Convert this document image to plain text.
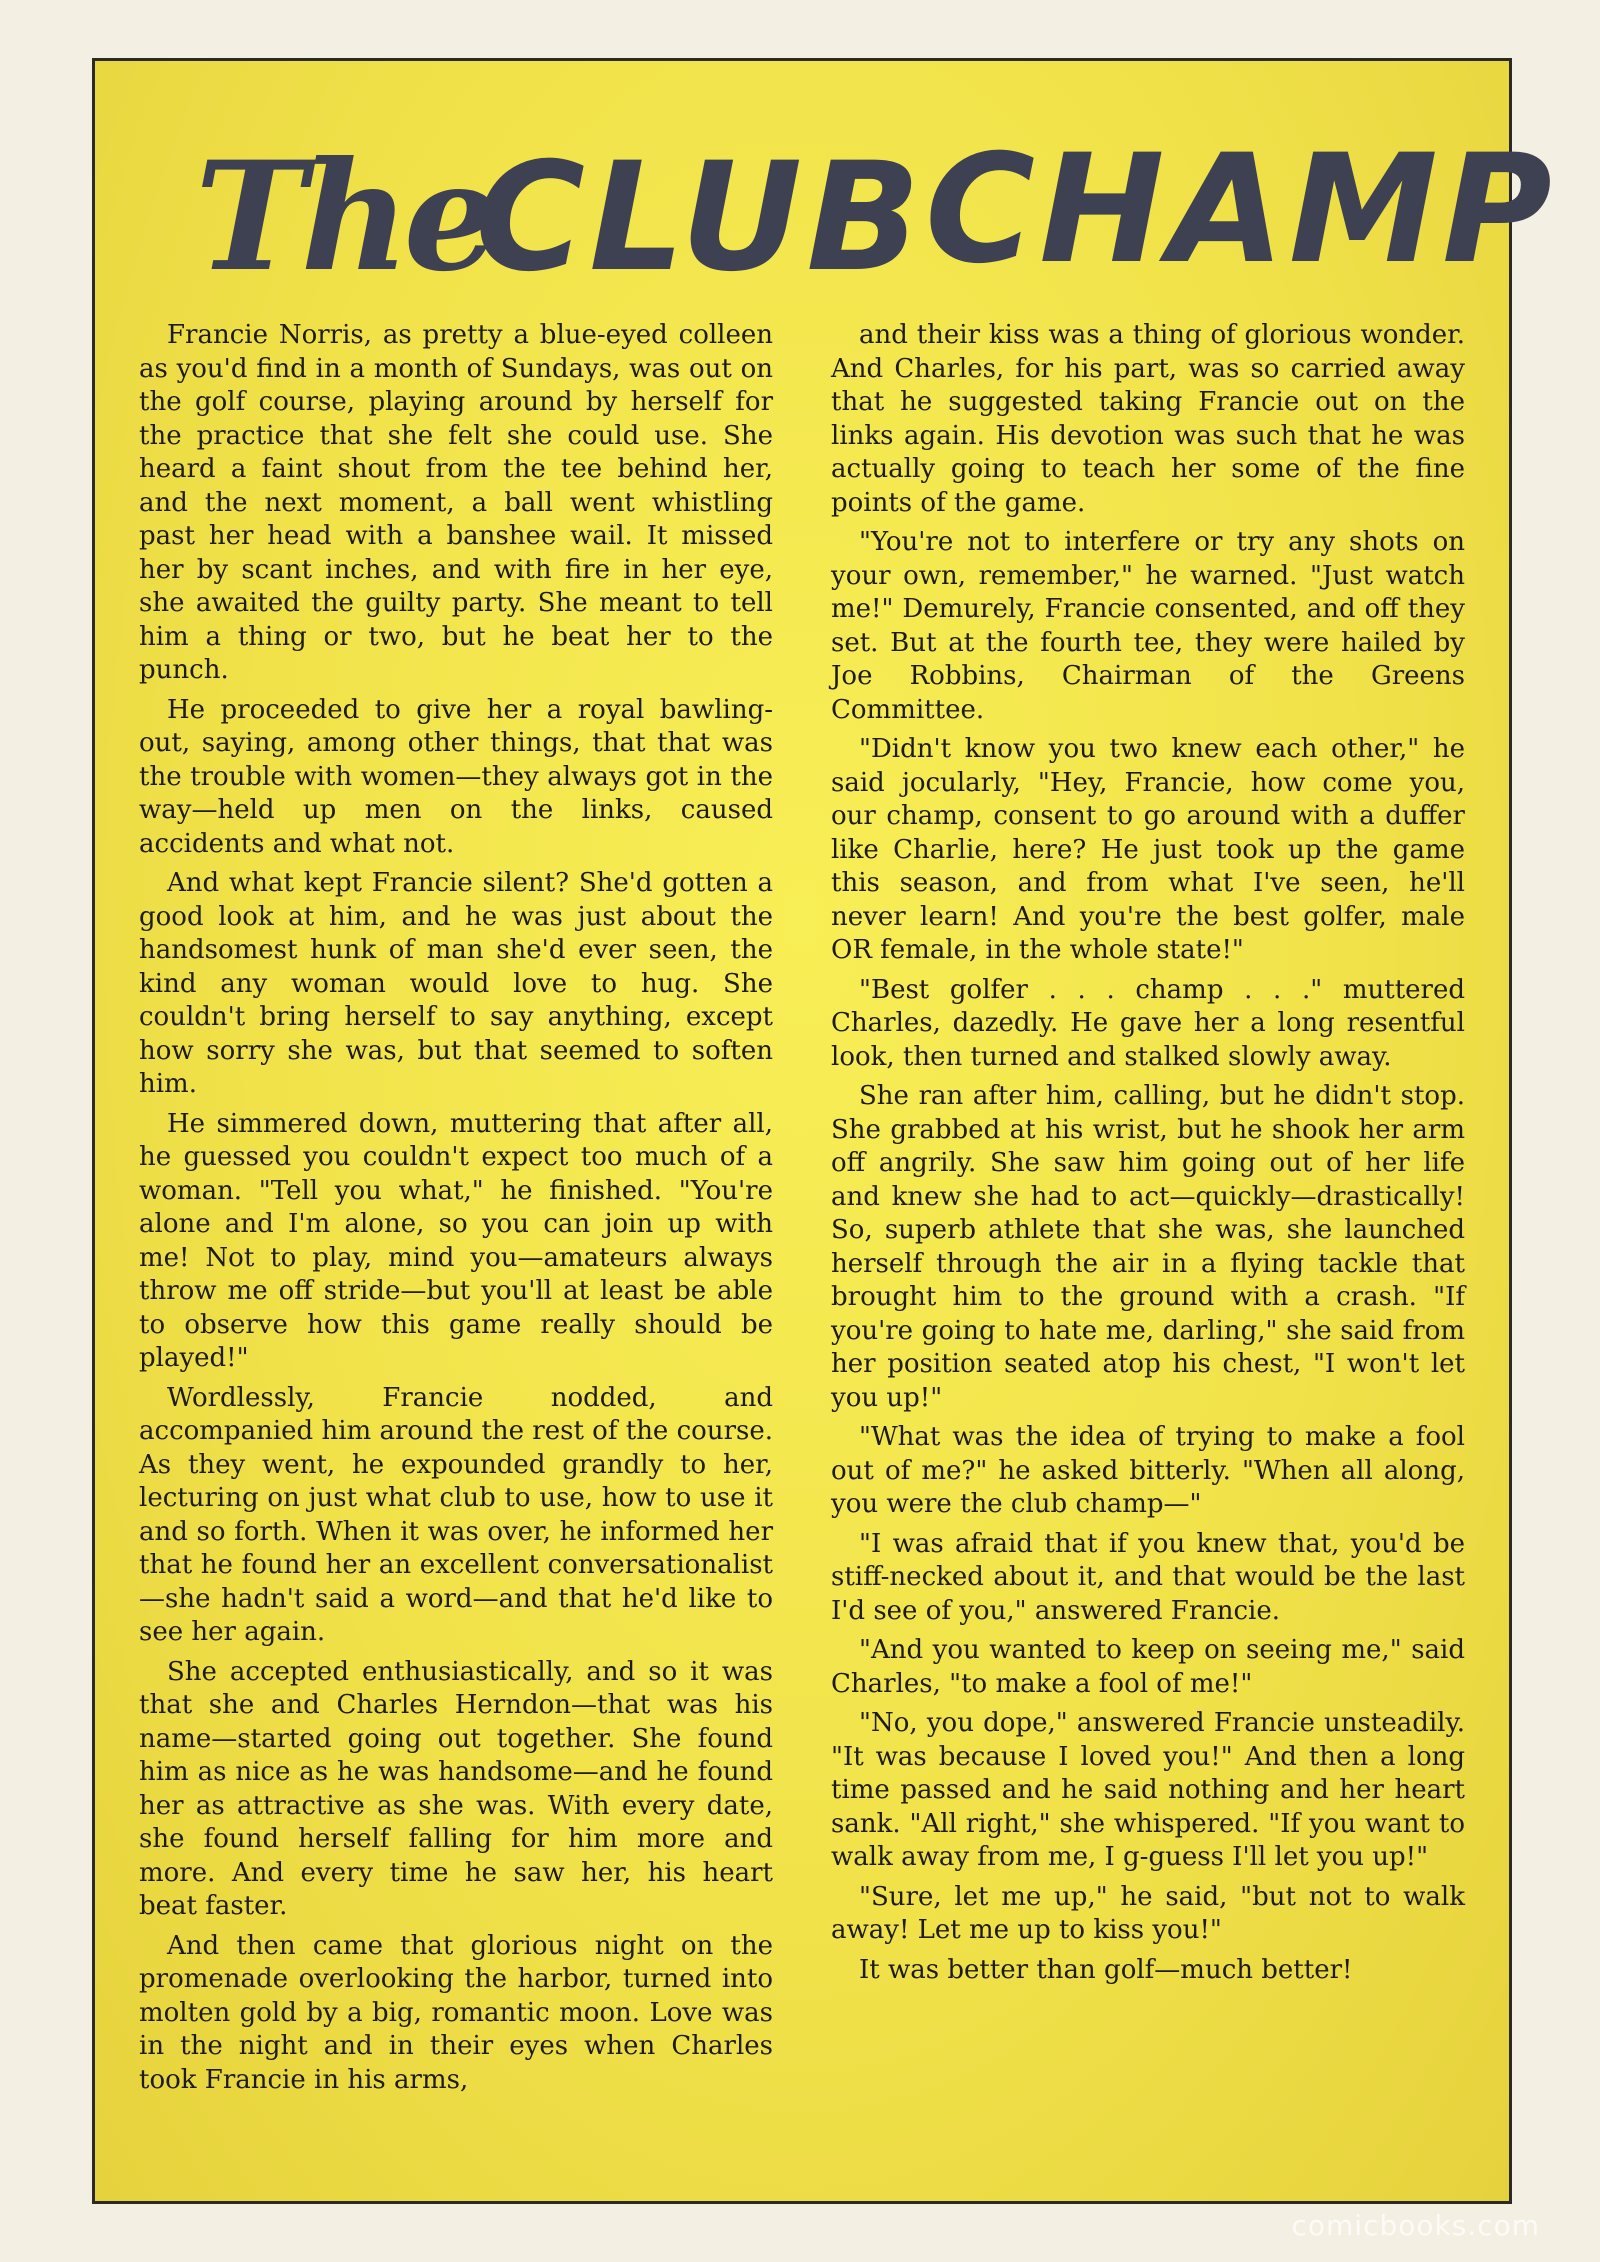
The
CLUB CHAMP

Francie Norris, as pretty a blue-eyed colleen as you'd find in a month of Sundays, was out on the golf course, playing around by herself for the practice that she felt she could use. She heard a faint shout from the tee behind her, and the next moment, a ball went whistling past her head with a banshee wail. It missed her by scant inches, and with fire in her eye, she awaited the guilty party. She meant to tell him a thing or two, but he beat her to the punch.

He proceeded to give her a royal bawling-out, saying, among other things, that that was the trouble with women—they always got in the way—held up men on the links, caused accidents and what not.

And what kept Francie silent? She'd gotten a good look at him, and he was just about the handsomest hunk of man she'd ever seen, the kind any woman would love to hug. She couldn't bring herself to say anything, except how sorry she was, but that seemed to soften him.

He simmered down, muttering that after all, he guessed you couldn't expect too much of a woman. "Tell you what," he finished. "You're alone and I'm alone, so you can join up with me! Not to play, mind you—amateurs always throw me off stride—but you'll at least be able to observe how this game really should be played!"

Wordlessly, Francie nodded, and accompanied him around the rest of the course. As they went, he expounded grandly to her, lecturing on just what club to use, how to use it and so forth. When it was over, he informed her that he found her an excellent conversationalist—she hadn't said a word—and that he'd like to see her again.

She accepted enthusiastically, and so it was that she and Charles Herndon—that was his name—started going out together. She found him as nice as he was handsome—and he found her as attractive as she was. With every date, she found herself falling for him more and more. And every time he saw her, his heart beat faster.

And then came that glorious night on the promenade overlooking the harbor, turned into molten gold by a big, romantic moon. Love was in the night and in their eyes when Charles took Francie in his arms,

and their kiss was a thing of glorious wonder. And Charles, for his part, was so carried away that he suggested taking Francie out on the links again. His devotion was such that he was actually going to teach her some of the fine points of the game.

"You're not to interfere or try any shots on your own, remember," he warned. "Just watch me!" Demurely, Francie consented, and off they set. But at the fourth tee, they were hailed by Joe Robbins, Chairman of the Greens Committee.

"Didn't know you two knew each other," he said jocularly, "Hey, Francie, how come you, our champ, consent to go around with a duffer like Charlie, here? He just took up the game this season, and from what I've seen, he'll never learn! And you're the best golfer, male OR female, in the whole state!"

"Best golfer . . . champ . . ." muttered Charles, dazedly. He gave her a long resentful look, then turned and stalked slowly away.

She ran after him, calling, but he didn't stop. She grabbed at his wrist, but he shook her arm off angrily. She saw him going out of her life and knew she had to act—quickly—drastically! So, superb athlete that she was, she launched herself through the air in a flying tackle that brought him to the ground with a crash. "If you're going to hate me, darling," she said from her position seated atop his chest, "I won't let you up!"

"What was the idea of trying to make a fool out of me?" he asked bitterly. "When all along, you were the club champ—"

"I was afraid that if you knew that, you'd be stiff-necked about it, and that would be the last I'd see of you," answered Francie.

"And you wanted to keep on seeing me," said Charles, "to make a fool of me!"

"No, you dope," answered Francie unsteadily. "It was because I loved you!" And then a long time passed and he said nothing and her heart sank. "All right," she whispered. "If you want to walk away from me, I g-guess I'll let you up!"

"Sure, let me up," he said, "but not to walk away! Let me up to kiss you!"

It was better than golf—much better!

comicbooks.com
